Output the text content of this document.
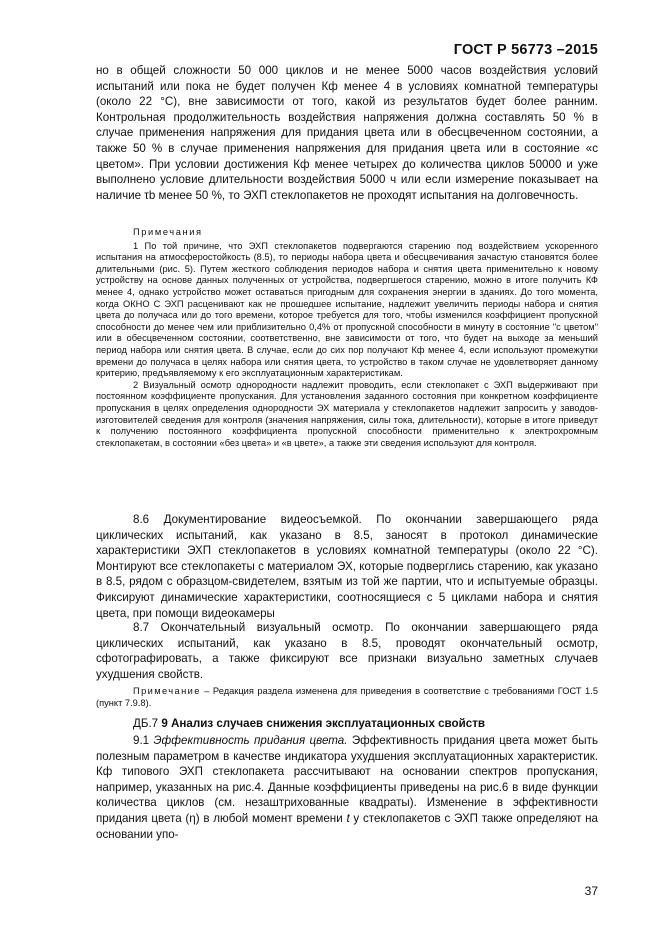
ГОСТ Р 56773 –2015

но в общей сложности 50 000 циклов и не менее 5000 часов воздействия условий испытаний или пока не будет получен Кф менее 4 в условиях комнатной температуры (около 22 °С), вне зависимости от того, какой из результатов будет более ранним. Контрольная продолжительность воздействия напряжения должна составлять 50 % в случае применения напряжения для придания цвета или в обесцвеченном состоянии, а также 50 % в случае применения напряжения для придания цвета или в состояние «с цветом». При условии достижения Кф менее четырех до количества циклов 50000 и уже выполнено условие длительности воздействия 5000 ч или если измерение показывает на наличие τb менее 50 %, то ЭХП стеклопакетов не проходят испытания на долговечность.

Примечания

1 По той причине, что ЭХП стеклопакетов подвергаются старению под воздействием ускоренного испытания на атмосферостойкость (8.5), то периоды набора цвета и обесцвечивания зачастую становятся более длительными (рис. 5). Путем жесткого соблюдения периодов набора и снятия цвета применительно к новому устройству на основе данных полученных от устройства, подвергшегося старению, можно в итоге получить КФ менее 4, однако устройство может оставаться пригодным для сохранения энергии в зданиях. До того момента, когда ОКНО С ЭХП расценивают как не прошедшее испытание, надлежит увеличить периоды набора и снятия цвета до получаса или до того времени, которое требуется для того, чтобы изменился коэффициент пропускной способности до менее чем или приблизительно 0,4% от пропускной способности в минуту в состояние "с цветом" или в обесцвеченном состоянии, соответственно, вне зависимости от того, что будет на выходе за меньший период набора или снятия цвета. В случае, если до сих пор получают Кф менее 4, если используют промежутки времени до получаса в целях набора или снятия цвета, то устройство в таком случае не удовлетворяет данному критерию, предъявляемому к его эксплуатационным характеристикам.

2 Визуальный осмотр однородности надлежит проводить, если стеклопакет с ЭХП выдерживают при постоянном коэффициенте пропускания. Для установления заданного состояния при конкретном коэффициенте пропускания в целях определения однородности ЭХ материала у стеклопакетов надлежит запросить у заводов-изготовителей сведения для контроля (значения напряжения, силы тока, длительности), которые в итоге приведут к получению постоянного коэффициента пропускной способности применительно к электрохромным стеклопакетам, в состоянии «без цвета» и «в цвете», а также эти сведения используют для контроля.

8.6 Документирование видеосъемкой. По окончании завершающего ряда циклических испытаний, как указано в 8.5, заносят в протокол динамические характеристики ЭХП стеклопакетов в условиях комнатной температуры (около 22 °С). Монтируют все стеклопакеты с материалом ЭХ, которые подверглись старению, как указано в 8.5, рядом с образцом-свидетелем, взятым из той же партии, что и испытуемые образцы. Фиксируют динамические характеристики, соотносящиеся с 5 циклами набора и снятия цвета, при помощи видеокамеры

8.7 Окончательный визуальный осмотр. По окончании завершающего ряда циклических испытаний, как указано в 8.5, проводят окончательный осмотр, сфотографировать, а также фиксируют все признаки визуально заметных случаев ухудшения свойств.

Примечание – Редакция раздела изменена для приведения в соответствие с требованиями ГОСТ 1.5 (пункт 7.9.8).

ДБ.7 9 Анализ случаев снижения эксплуатационных свойств

9.1 Эффективность придания цвета. Эффективность придания цвета может быть полезным параметром в качестве индикатора ухудшения эксплуатационных характеристик. Кф типового ЭХП стеклопакета рассчитывают на основании спектров пропускания, например, указанных на рис.4. Данные коэффициенты приведены на рис.6 в виде функции количества циклов (см. незаштрихованные квадраты). Изменение в эффективности придания цвета (η) в любой момент времени t у стеклопакетов с ЭХП также определяют на основании упо-

37
